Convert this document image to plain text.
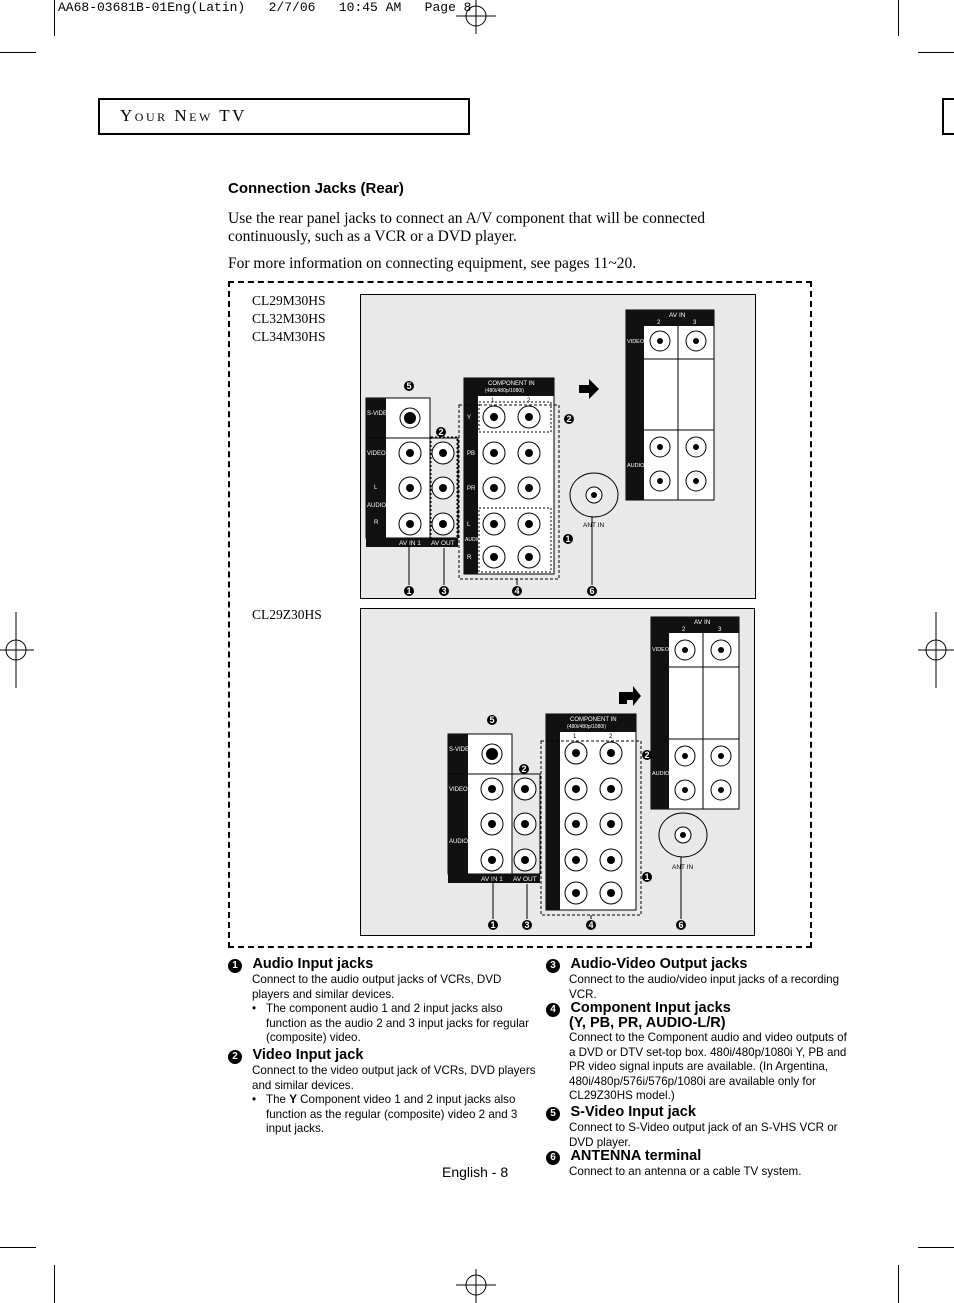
AA68-03681B-01Eng(Latin)   2/7/06   10:45 AM   Page 8
Your New TV
Connection Jacks (Rear)
Use the rear panel jacks to connect an A/V component that will be connected continuously, such as a VCR or a DVD player.
For more information on connecting equipment, see pages 11~20.
CL29M30HS
CL32M30HS
CL34M30HS
CL29Z30HS
S-VIDEO IN
VIDEO
AUDIO
L
R
AV IN 1 AV OUT
COMPONENT IN
(480i/480p/1080i)
1	2
Y
PB
PR
L
AUDIO
R
ANT IN
AV IN
2	3
VIDEO
AUDIO
5
2
2
1
1	3	4	6
S-VIDEO IN
VIDEO
AUDIO
AV IN 1 AV OUT
COMPONENT IN
(480i/480p/1080i)
1	2
ANT IN
AV IN
2	3
VIDEO
AUDIO
5
2
2
1
1	3	4	6
1 Audio Input jacks
Connect to the audio output jacks of VCRs, DVD players and similar devices.
• The component audio 1 and 2 input jacks also function as the audio 2 and 3 input jacks for regular (composite) video.
2 Video Input jack
Connect to the video output jack of VCRs, DVD players and similar devices.
• The Y Component video 1 and 2 input jacks also function as the regular (composite) video 2 and 3 input jacks.
3 Audio-Video Output jacks
Connect to the audio/video input jacks of a recording VCR.
4 Component Input jacks
(Y, PB, PR, AUDIO-L/R)
Connect to the Component audio and video outputs of a DVD or DTV set-top box. 480i/480p/1080i Y, PB and PR video signal inputs are available. (In Argentina, 480i/480p/576i/576p/1080i are available only for CL29Z30HS model.)
5 S-Video Input jack
Connect to S-Video output jack of an S-VHS VCR or DVD player.
6 ANTENNA terminal
Connect to an antenna or a cable TV system.
English - 8
